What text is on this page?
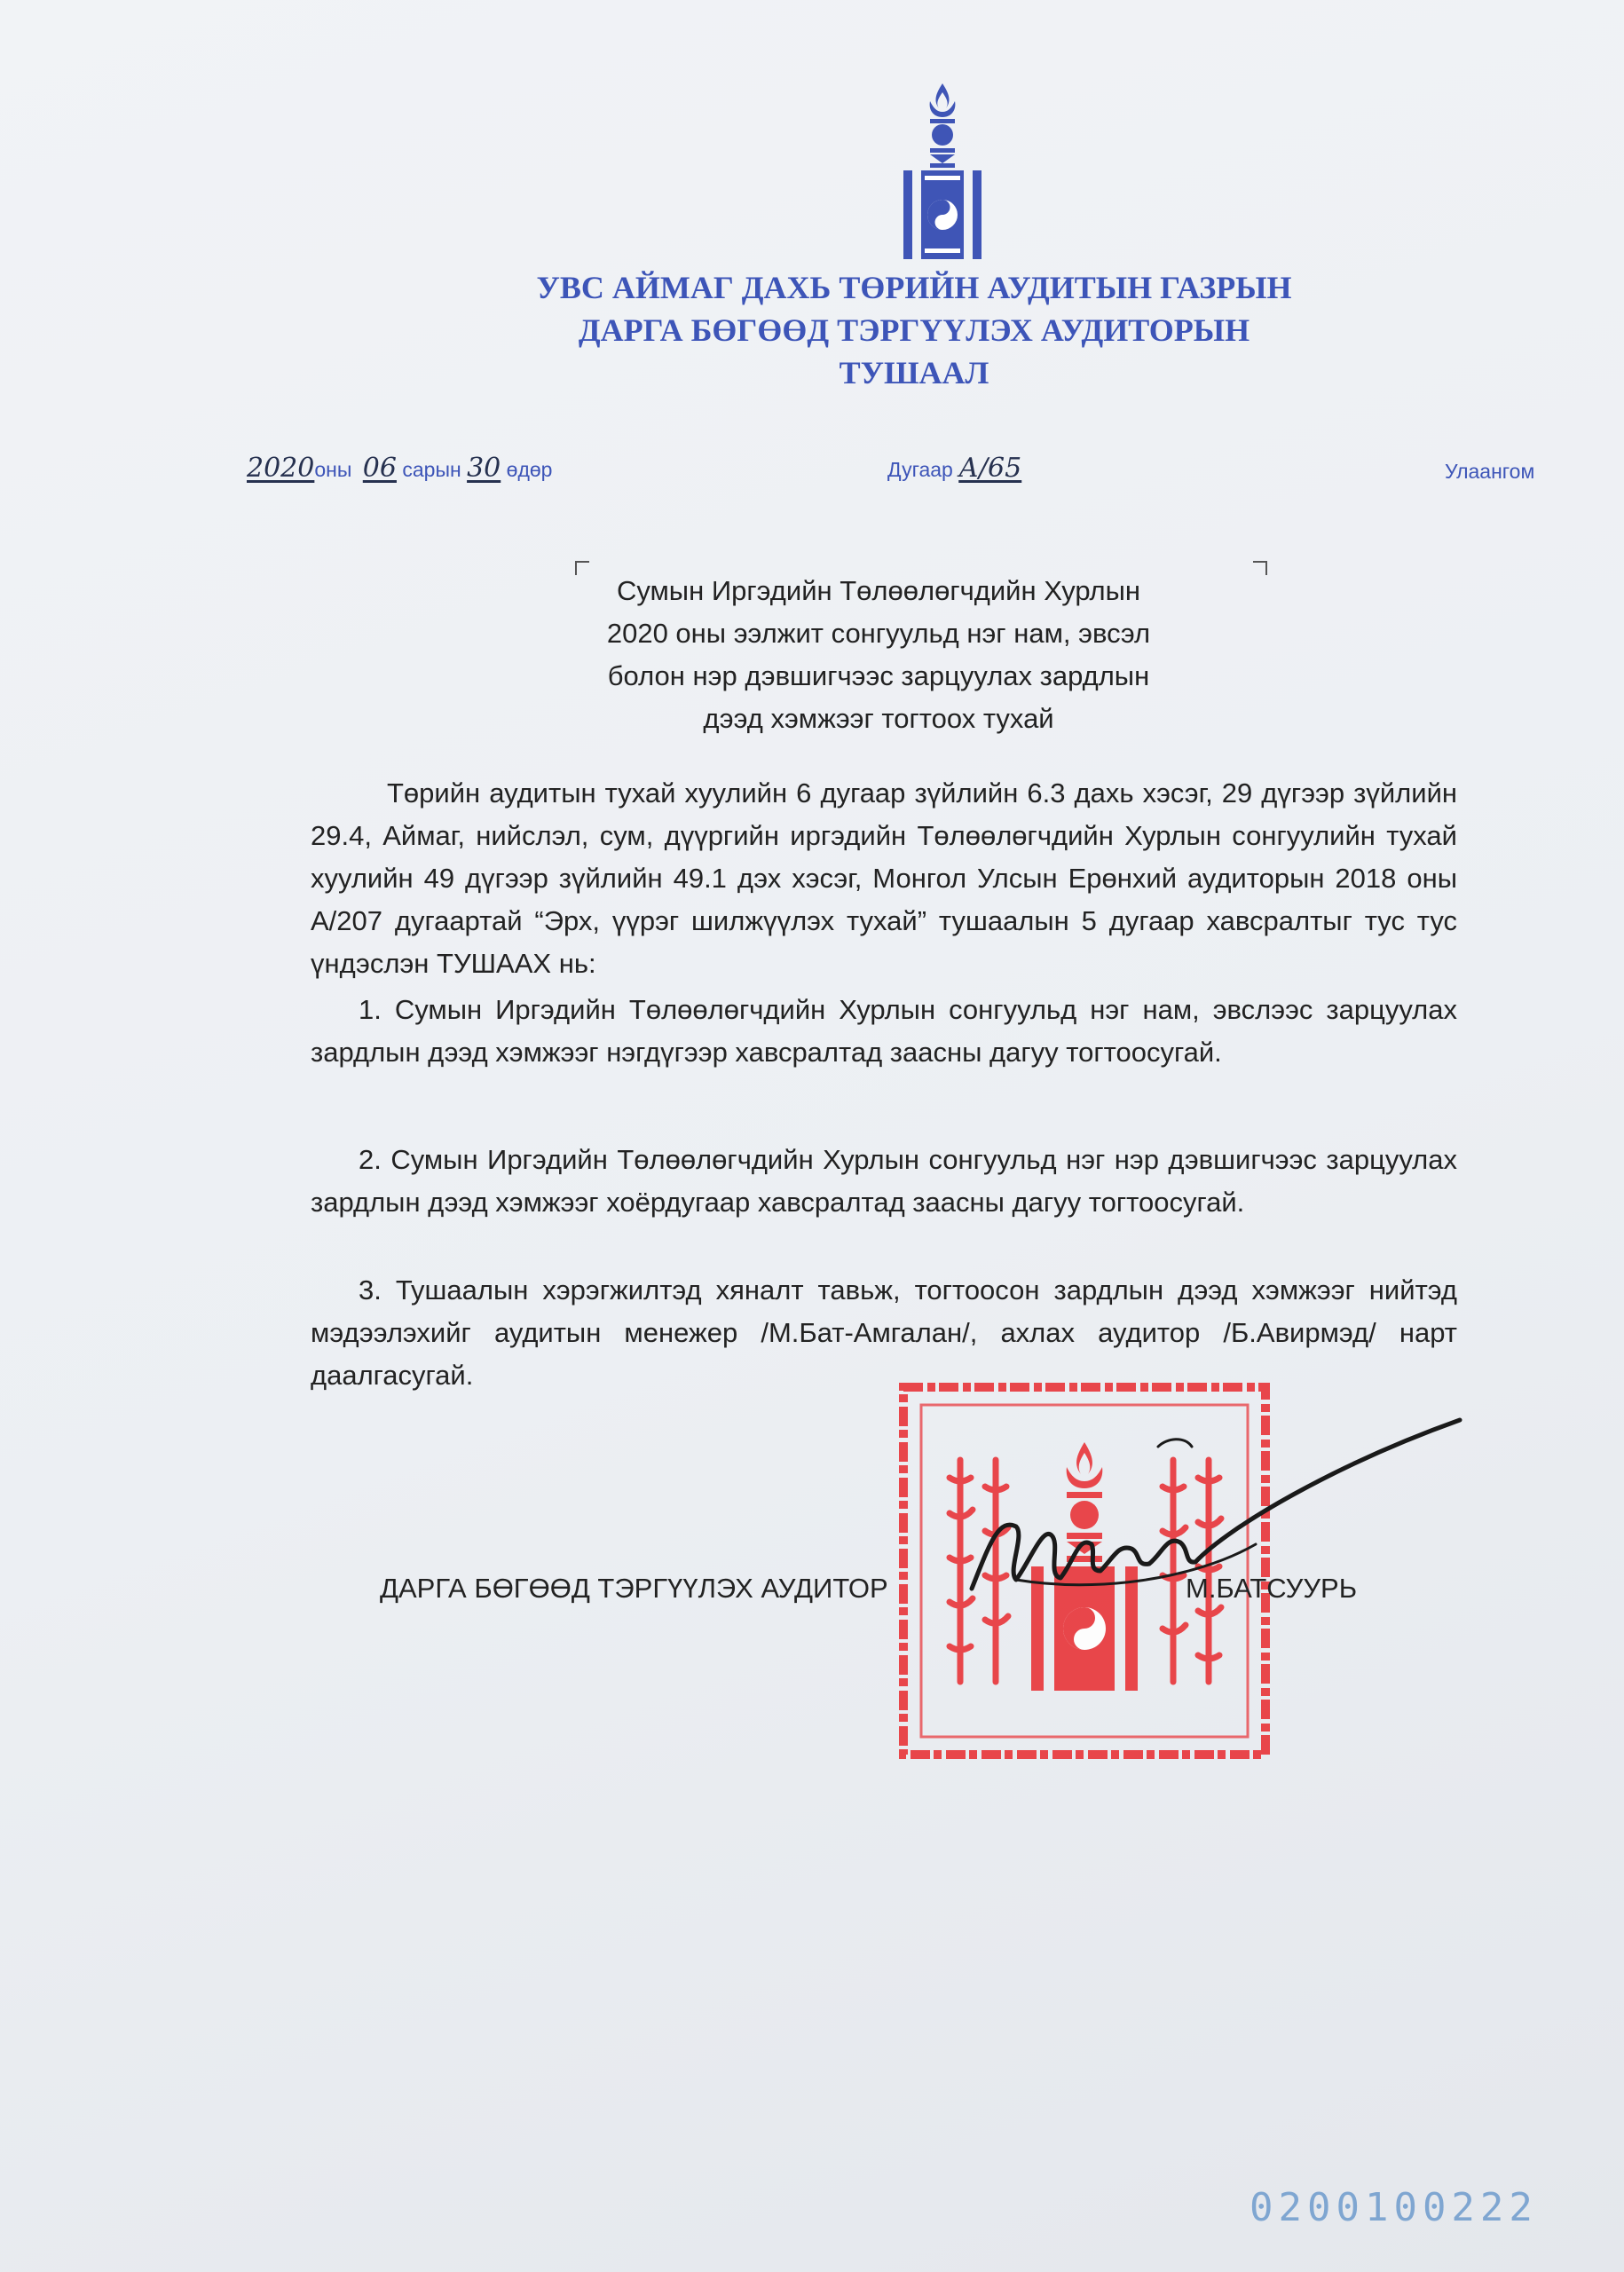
УВС АЙМАГ ДАХЬ ТӨРИЙН АУДИТЫН ГАЗРЫН
ДАРГА БӨГӨӨД ТЭРГҮҮЛЭХ АУДИТОРЫН
ТУШААЛ
2020оны 06 сарын 30 өдөр	Дугаар А/65	Улаангом
Сумын Иргэдийн Төлөөлөгчдийн Хурлын
2020 оны ээлжит сонгуульд нэг нам, эвсэл
болон нэр дэвшигчээс зарцуулах зардлын
дээд хэмжээг тогтоох тухай

Төрийн аудитын тухай хуулийн 6 дугаар зүйлийн 6.3 дахь хэсэг, 29 дүгээр зүйлийн 29.4, Аймаг, нийслэл, сум, дүүргийн иргэдийн Төлөөлөгчдийн Хурлын сонгуулийн тухай хуулийн 49 дүгээр зүйлийн 49.1 дэх хэсэг, Монгол Улсын Ерөнхий аудиторын 2018 оны А/207 дугаартай “Эрх, үүрэг шилжүүлэх тухай” тушаалын 5 дугаар хавсралтыг тус тус үндэслэн ТУШААХ нь:

1. Сумын Иргэдийн Төлөөлөгчдийн Хурлын сонгуульд нэг нам, эвслээс зарцуулах зардлын дээд хэмжээг нэгдүгээр хавсралтад заасны дагуу тогтоосугай.

2. Сумын Иргэдийн Төлөөлөгчдийн Хурлын сонгуульд нэг нэр дэвшигчээс зарцуулах зардлын дээд хэмжээг хоёрдугаар хавсралтад заасны дагуу тогтоосугай.

3. Тушаалын хэрэгжилтэд хяналт тавьж, тогтоосон зардлын дээд хэмжээг нийтэд мэдээлэхийг аудитын менежер /М.Бат-Амгалан/, ахлах аудитор /Б.Авирмэд/ нарт даалгасугай.

ДАРГА БӨГӨӨД ТЭРГҮҮЛЭХ АУДИТОР	М.БАТСУУРЬ
0200100222
